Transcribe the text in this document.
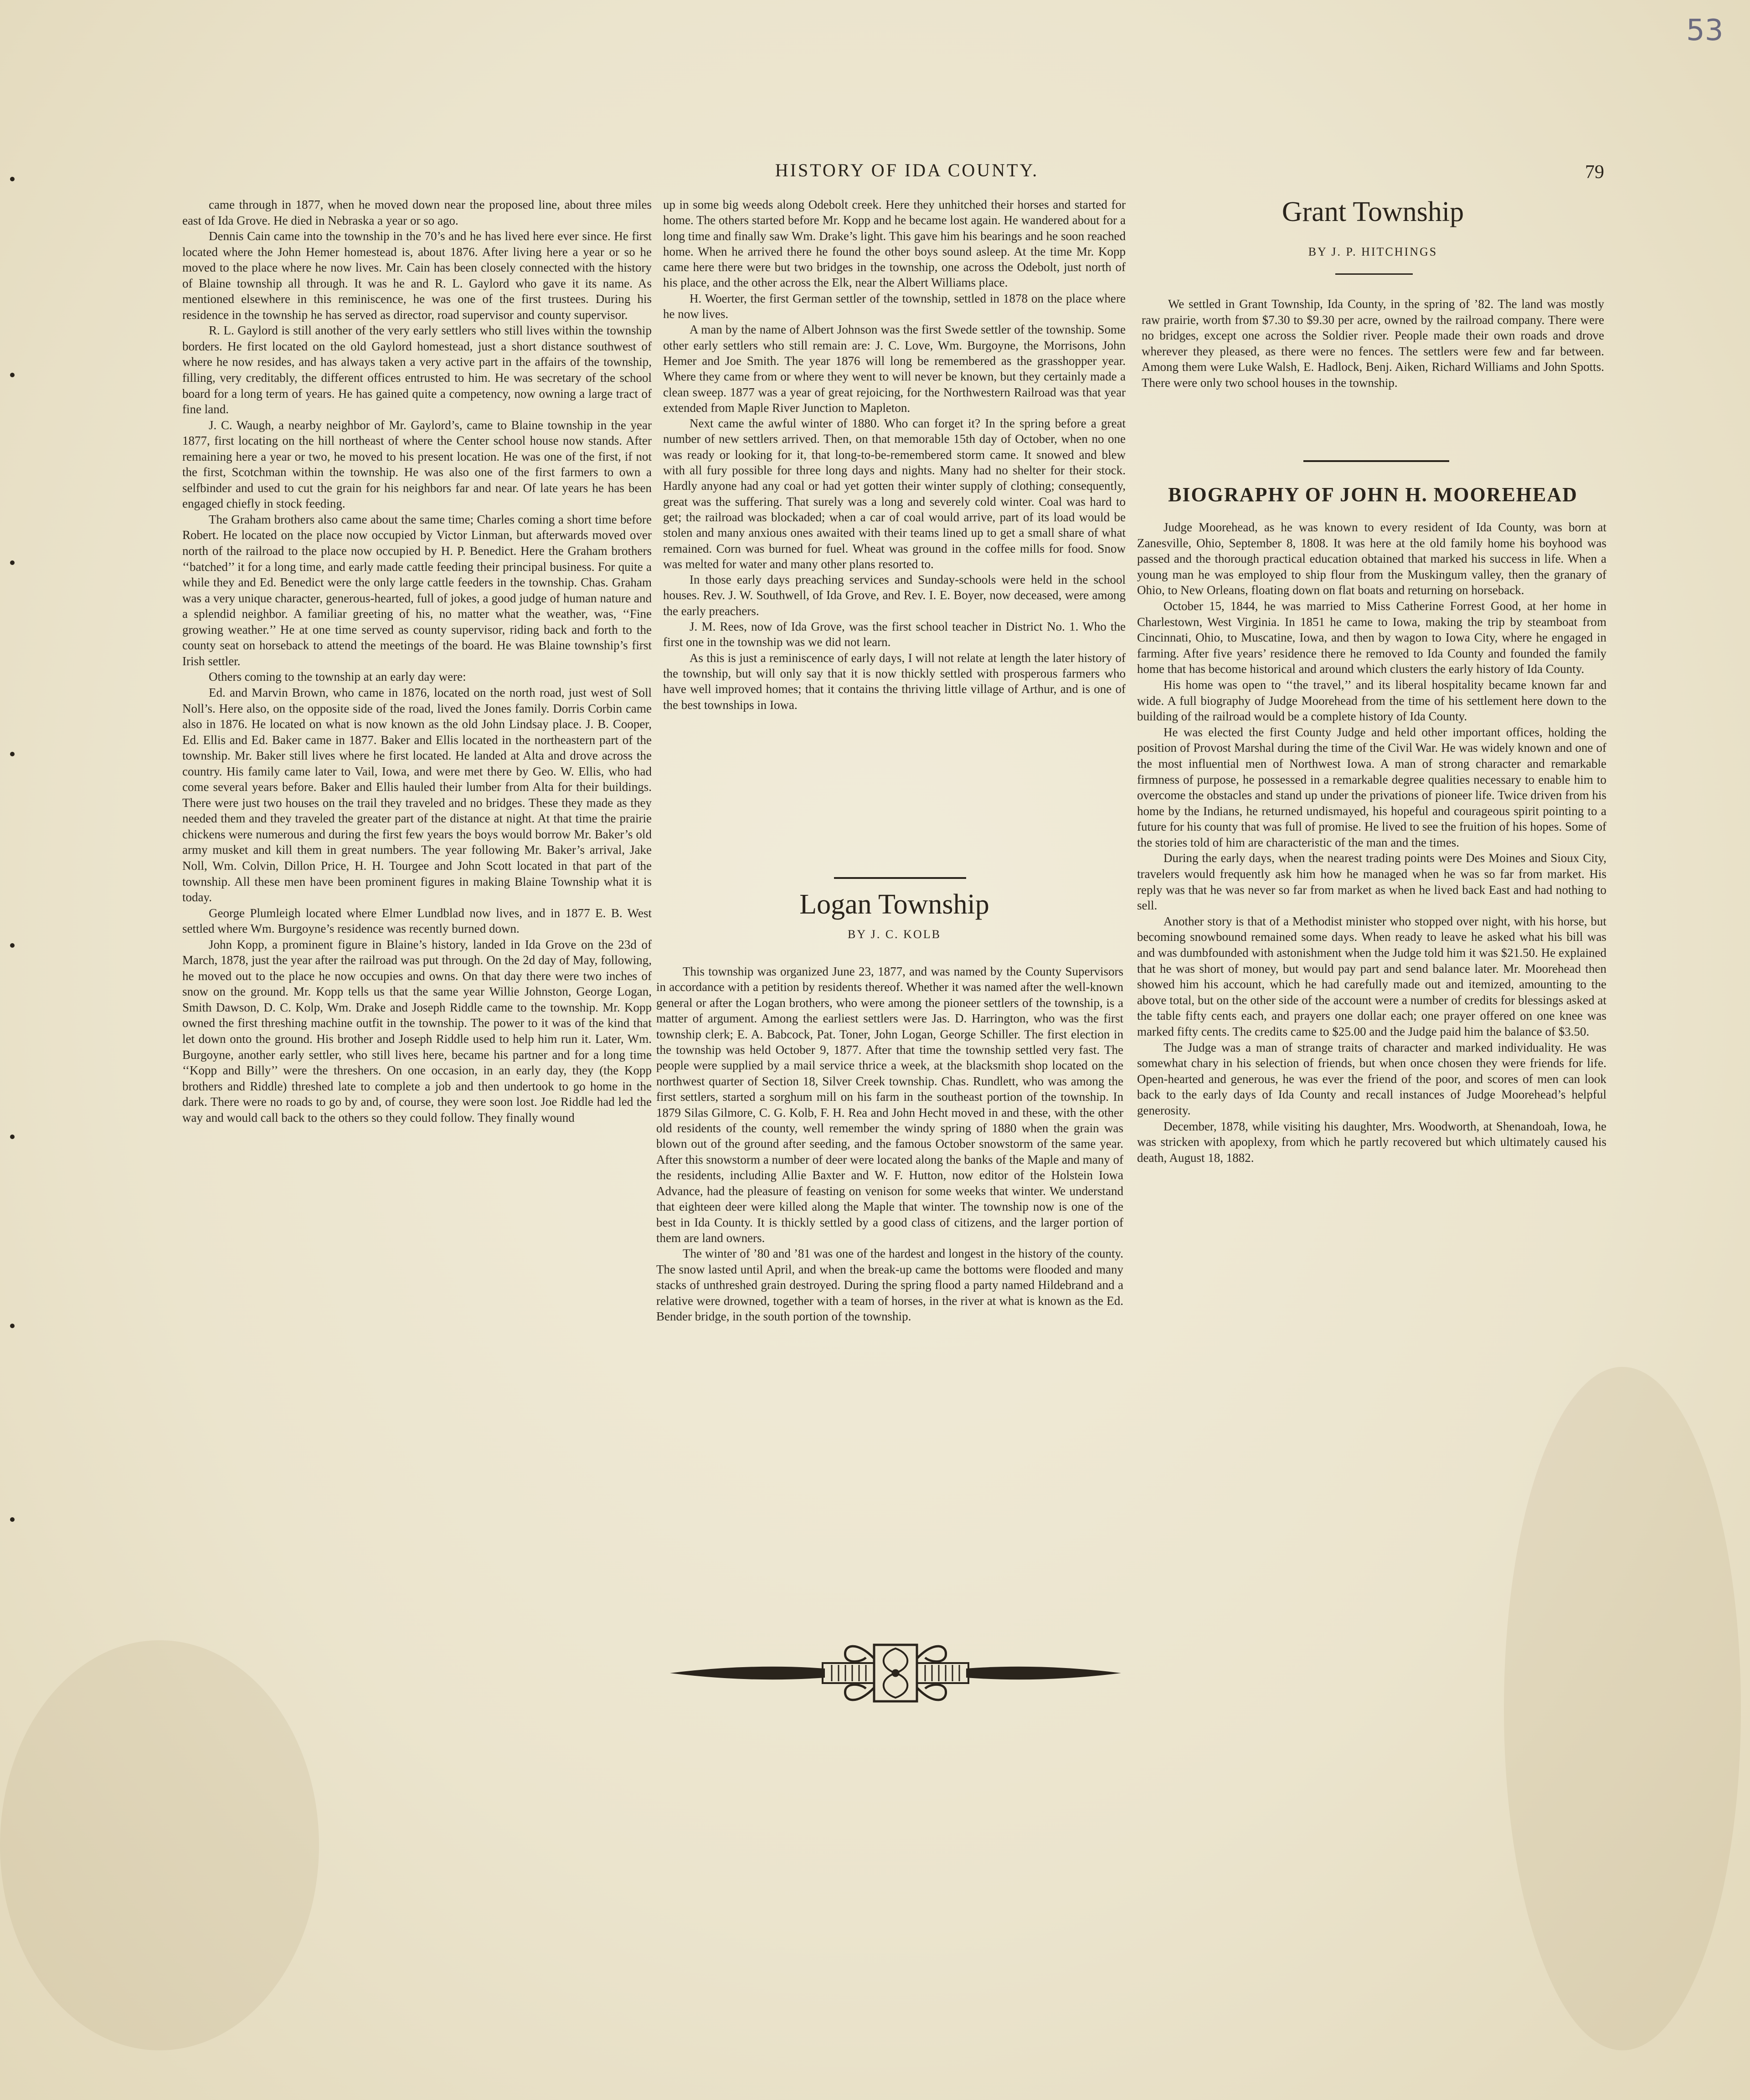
53
HISTORY OF IDA COUNTY.	79

came through in 1877, when he moved down near the proposed line, about three miles east of Ida Grove. He died in Nebraska a year or so ago.

Dennis Cain came into the township in the 70’s and he has lived here ever since. He first located where the John Hemer homestead is, about 1876. After living here a year or so he moved to the place where he now lives. Mr. Cain has been closely connected with the history of Blaine township all through. It was he and R. L. Gaylord who gave it its name. As mentioned elsewhere in this reminiscence, he was one of the first trustees. During his residence in the township he has served as director, road supervisor and county supervisor.

R. L. Gaylord is still another of the very early settlers who still lives within the township borders. He first located on the old Gaylord homestead, just a short distance southwest of where he now resides, and has always taken a very active part in the affairs of the township, filling, very creditably, the different offices entrusted to him. He was secretary of the school board for a long term of years. He has gained quite a competency, now owning a large tract of fine land.

J. C. Waugh, a nearby neighbor of Mr. Gaylord’s, came to Blaine township in the year 1877, first locating on the hill northeast of where the Center school house now stands. After remaining here a year or two, he moved to his present location. He was one of the first, if not the first, Scotchman within the township. He was also one of the first farmers to own a selfbinder and used to cut the grain for his neighbors far and near. Of late years he has been engaged chiefly in stock feeding.

The Graham brothers also came about the same time; Charles coming a short time before Robert. He located on the place now occupied by Victor Linman, but afterwards moved over north of the railroad to the place now occupied by H. P. Benedict. Here the Graham brothers ‘‘batched’’ it for a long time, and early made cattle feeding their principal business. For quite a while they and Ed. Benedict were the only large cattle feeders in the township. Chas. Graham was a very unique character, generous-hearted, full of jokes, a good judge of human nature and a splendid neighbor. A familiar greeting of his, no matter what the weather, was, ‘‘Fine growing weather.’’ He at one time served as county supervisor, riding back and forth to the county seat on horseback to attend the meetings of the board. He was Blaine township’s first Irish settler.

Others coming to the township at an early day were:

Ed. and Marvin Brown, who came in 1876, located on the north road, just west of Soll Noll’s. Here also, on the opposite side of the road, lived the Jones family. Dorris Corbin came also in 1876. He located on what is now known as the old John Lindsay place. J. B. Cooper, Ed. Ellis and Ed. Baker came in 1877. Baker and Ellis located in the northeastern part of the township. Mr. Baker still lives where he first located. He landed at Alta and drove across the country. His family came later to Vail, Iowa, and were met there by Geo. W. Ellis, who had come several years before. Baker and Ellis hauled their lumber from Alta for their buildings. There were just two houses on the trail they traveled and no bridges. These they made as they needed them and they traveled the greater part of the distance at night. At that time the prairie chickens were numerous and during the first few years the boys would borrow Mr. Baker’s old army musket and kill them in great numbers. The year following Mr. Baker’s arrival, Jake Noll, Wm. Colvin, Dillon Price, H. H. Tourgee and John Scott located in that part of the township. All these men have been prominent figures in making Blaine Township what it is today.

George Plumleigh located where Elmer Lundblad now lives, and in 1877 E. B. West settled where Wm. Burgoyne’s residence was recently burned down.

John Kopp, a prominent figure in Blaine’s history, landed in Ida Grove on the 23d of March, 1878, just the year after the railroad was put through. On the 2d day of May, following, he moved out to the place he now occupies and owns. On that day there were two inches of snow on the ground. Mr. Kopp tells us that the same year Willie Johnston, George Logan, Smith Dawson, D. C. Kolp, Wm. Drake and Joseph Riddle came to the township. Mr. Kopp owned the first threshing machine outfit in the township. The power to it was of the kind that let down onto the ground. His brother and Joseph Riddle used to help him run it. Later, Wm. Burgoyne, another early settler, who still lives here, became his partner and for a long time ‘‘Kopp and Billy’’ were the threshers. On one occasion, in an early day, they (the Kopp brothers and Riddle) threshed late to complete a job and then undertook to go home in the dark. There were no roads to go by and, of course, they were soon lost. Joe Riddle had led the way and would call back to the others so they could follow. They finally wound

up in some big weeds along Odebolt creek. Here they unhitched their horses and started for home. The others started before Mr. Kopp and he became lost again. He wandered about for a long time and finally saw Wm. Drake’s light. This gave him his bearings and he soon reached home. When he arrived there he found the other boys sound asleep. At the time Mr. Kopp came here there were but two bridges in the township, one across the Odebolt, just north of his place, and the other across the Elk, near the Albert Williams place.

H. Woerter, the first German settler of the township, settled in 1878 on the place where he now lives.

A man by the name of Albert Johnson was the first Swede settler of the township. Some other early settlers who still remain are: J. C. Love, Wm. Burgoyne, the Morrisons, John Hemer and Joe Smith. The year 1876 will long be remembered as the grasshopper year. Where they came from or where they went to will never be known, but they certainly made a clean sweep. 1877 was a year of great rejoicing, for the Northwestern Railroad was that year extended from Maple River Junction to Mapleton.

Next came the awful winter of 1880. Who can forget it? In the spring before a great number of new settlers arrived. Then, on that memorable 15th day of October, when no one was ready or looking for it, that long-to-be-remembered storm came. It snowed and blew with all fury possible for three long days and nights. Many had no shelter for their stock. Hardly anyone had any coal or had yet gotten their winter supply of clothing; consequently, great was the suffering. That surely was a long and severely cold winter. Coal was hard to get; the railroad was blockaded; when a car of coal would arrive, part of its load would be stolen and many anxious ones awaited with their teams lined up to get a small share of what remained. Corn was burned for fuel. Wheat was ground in the coffee mills for food. Snow was melted for water and many other plans resorted to.

In those early days preaching services and Sunday-schools were held in the school houses. Rev. J. W. Southwell, of Ida Grove, and Rev. I. E. Boyer, now deceased, were among the early preachers.

J. M. Rees, now of Ida Grove, was the first school teacher in District No. 1. Who the first one in the township was we did not learn.

As this is just a reminiscence of early days, I will not relate at length the later history of the township, but will only say that it is now thickly settled with prosperous farmers who have well improved homes; that it contains the thriving little village of Arthur, and is one of the best townships in Iowa.

Logan Township
BY J. C. KOLB

This township was organized June 23, 1877, and was named by the County Supervisors in accordance with a petition by residents thereof. Whether it was named after the well-known general or after the Logan brothers, who were among the pioneer settlers of the township, is a matter of argument. Among the earliest settlers were Jas. D. Harrington, who was the first township clerk; E. A. Babcock, Pat. Toner, John Logan, George Schiller. The first election in the township was held October 9, 1877. After that time the township settled very fast. The people were supplied by a mail service thrice a week, at the blacksmith shop located on the northwest quarter of Section 18, Silver Creek township. Chas. Rundlett, who was among the first settlers, started a sorghum mill on his farm in the southeast portion of the township. In 1879 Silas Gilmore, C. G. Kolb, F. H. Rea and John Hecht moved in and these, with the other old residents of the county, well remember the windy spring of 1880 when the grain was blown out of the ground after seeding, and the famous October snowstorm of the same year. After this snowstorm a number of deer were located along the banks of the Maple and many of the residents, including Allie Baxter and W. F. Hutton, now editor of the Holstein Iowa Advance, had the pleasure of feasting on venison for some weeks that winter. We understand that eighteen deer were killed along the Maple that winter. The township now is one of the best in Ida County. It is thickly settled by a good class of citizens, and the larger portion of them are land owners.

The winter of ’80 and ’81 was one of the hardest and longest in the history of the county. The snow lasted until April, and when the break-up came the bottoms were flooded and many stacks of unthreshed grain destroyed. During the spring flood a party named Hildebrand and a relative were drowned, together with a team of horses, in the river at what is known as the Ed. Bender bridge, in the south portion of the township.

Grant Township
BY J. P. HITCHINGS

We settled in Grant Township, Ida County, in the spring of ’82. The land was mostly raw prairie, worth from $7.30 to $9.30 per acre, owned by the railroad company. There were no bridges, except one across the Soldier river. People made their own roads and drove wherever they pleased, as there were no fences. The settlers were few and far between. Among them were Luke Walsh, E. Hadlock, Benj. Aiken, Richard Williams and John Spotts. There were only two school houses in the township.

BIOGRAPHY OF JOHN H. MOOREHEAD

Judge Moorehead, as he was known to every resident of Ida County, was born at Zanesville, Ohio, September 8, 1808. It was here at the old family home his boyhood was passed and the thorough practical education obtained that marked his success in life. When a young man he was employed to ship flour from the Muskingum valley, then the granary of Ohio, to New Orleans, floating down on flat boats and returning on horseback.

October 15, 1844, he was married to Miss Catherine Forrest Good, at her home in Charlestown, West Virginia. In 1851 he came to Iowa, making the trip by steamboat from Cincinnati, Ohio, to Muscatine, Iowa, and then by wagon to Iowa City, where he engaged in farming. After five years’ residence there he removed to Ida County and founded the family home that has become historical and around which clusters the early history of Ida County.

His home was open to ‘‘the travel,’’ and its liberal hospitality became known far and wide. A full biography of Judge Moorehead from the time of his settlement here down to the building of the railroad would be a complete history of Ida County.

He was elected the first County Judge and held other important offices, holding the position of Provost Marshal during the time of the Civil War. He was widely known and one of the most influential men of Northwest Iowa. A man of strong character and remarkable firmness of purpose, he possessed in a remarkable degree qualities necessary to enable him to overcome the obstacles and stand up under the privations of pioneer life. Twice driven from his home by the Indians, he returned undismayed, his hopeful and courageous spirit pointing to a future for his county that was full of promise. He lived to see the fruition of his hopes. Some of the stories told of him are characteristic of the man and the times.

During the early days, when the nearest trading points were Des Moines and Sioux City, travelers would frequently ask him how he managed when he was so far from market. His reply was that he was never so far from market as when he lived back East and had nothing to sell.

Another story is that of a Methodist minister who stopped over night, with his horse, but becoming snowbound remained some days. When ready to leave he asked what his bill was and was dumbfounded with astonishment when the Judge told him it was $21.50. He explained that he was short of money, but would pay part and send balance later. Mr. Moorehead then showed him his account, which he had carefully made out and itemized, amounting to the above total, but on the other side of the account were a number of credits for blessings asked at the table fifty cents each, and prayers one dollar each; one prayer offered on one knee was marked fifty cents. The credits came to $25.00 and the Judge paid him the balance of $3.50.

The Judge was a man of strange traits of character and marked individuality. He was somewhat chary in his selection of friends, but when once chosen they were friends for life. Open-hearted and generous, he was ever the friend of the poor, and scores of men can look back to the early days of Ida County and recall instances of Judge Moorehead’s helpful generosity.

December, 1878, while visiting his daughter, Mrs. Woodworth, at Shenandoah, Iowa, he was stricken with apoplexy, from which he partly recovered but which ultimately caused his death, August 18, 1882.
